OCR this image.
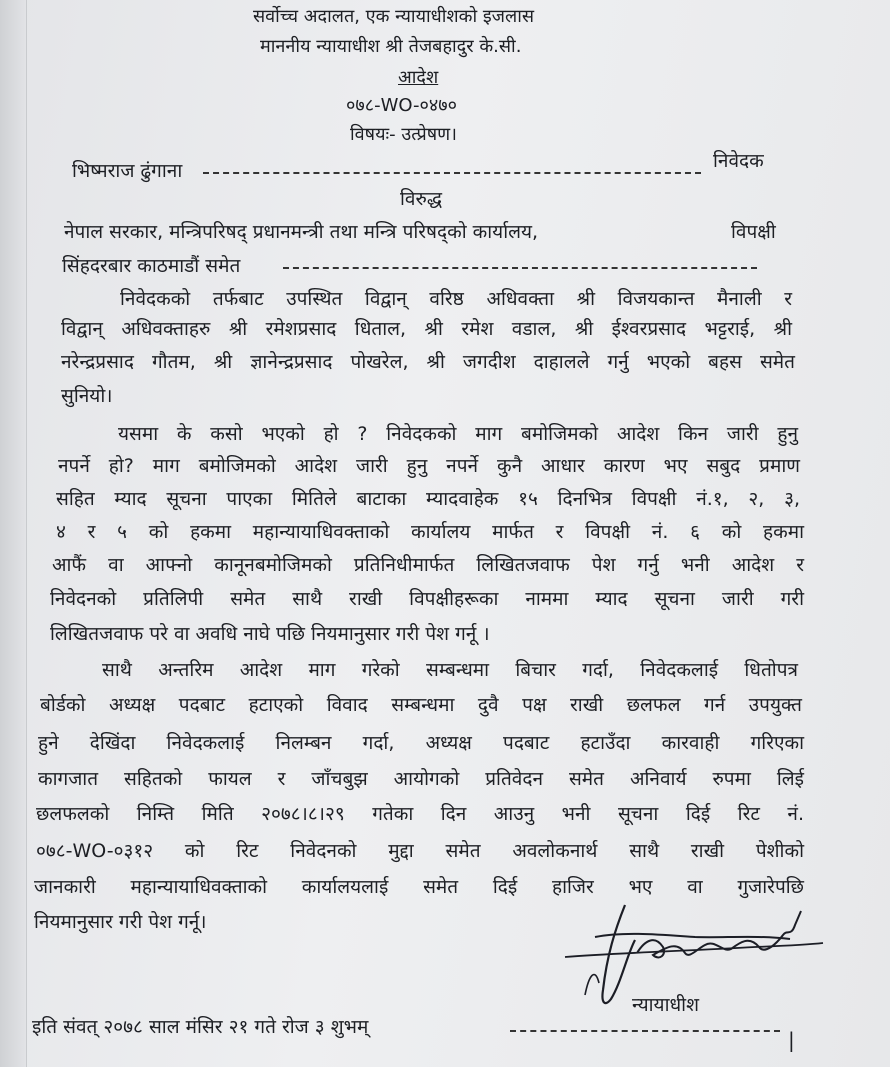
सर्वोच्च अदालत, एक न्यायाधीशको इजलास
माननीय न्यायाधीश श्री तेजबहादुर के.सी.
आदेश
०७८-WO-०४७०
विषयः- उत्प्रेषण।
भिष्मराज ढुंगाना	निवेदक
विरुद्ध
नेपाल सरकार, मन्त्रिपरिषद् प्रधानमन्त्री तथा मन्त्रि परिषद्को कार्यालय,	विपक्षी
सिंहदरबार काठमाडौं समेत
निवेदकको तर्फबाट उपस्थित विद्वान् वरिष्ठ अधिवक्ता श्री विजयकान्त मैनाली र
विद्वान् अधिवक्ताहरु श्री रमेशप्रसाद धिताल, श्री रमेश वडाल, श्री ईश्वरप्रसाद भट्टराई, श्री
नरेन्द्रप्रसाद गौतम, श्री ज्ञानेन्द्रप्रसाद पोखरेल, श्री जगदीश दाहालले गर्नु भएको बहस समेत
सुनियो।
यसमा के कसो भएको हो ? निवेदकको माग बमोजिमको आदेश किन जारी हुनु
नपर्ने हो? माग बमोजिमको आदेश जारी हुनु नपर्ने कुनै आधार कारण भए सबुद प्रमाण
सहित म्याद सूचना पाएका मितिले बाटाका म्यादवाहेक १५ दिनभित्र विपक्षी नं.१, २, ३,
४ र ५ को हकमा महान्यायाधिवक्ताको कार्यालय मार्फत र विपक्षी नं. ६ को हकमा
आफैं वा आफ्नो कानूनबमोजिमको प्रतिनिधीमार्फत लिखितजवाफ पेश गर्नु भनी आदेश र
निवेदनको प्रतिलिपी समेत साथै राखी विपक्षीहरूका नाममा म्याद सूचना जारी गरी
लिखितजवाफ परे वा अवधि नाघे पछि नियमानुसार गरी पेश गर्नू ।
साथै अन्तरिम आदेश माग गरेको सम्बन्धमा बिचार गर्दा, निवेदकलाई धितोपत्र
बोर्डको अध्यक्ष पदबाट हटाएको विवाद सम्बन्धमा दुवै पक्ष राखी छलफल गर्न उपयुक्त
हुने देखिंदा निवेदकलाई निलम्बन गर्दा, अध्यक्ष पदबाट हटाउँदा कारवाही गरिएका
कागजात सहितको फायल र जाँचबुझ आयोगको प्रतिवेदन समेत अनिवार्य रुपमा लिई
छलफलको निम्ति मिति २०७८।८।२९ गतेका दिन आउनु भनी सूचना दिई रिट नं.
०७८-WO-०३१२ को रिट निवेदनको मुद्दा समेत अवलोकनार्थ साथै राखी पेशीको
जानकारी महान्यायाधिवक्ताको कार्यालयलाई समेत दिई हाजिर भए वा गुजारेपछि
नियमानुसार गरी पेश गर्नू।
न्यायाधीश
इति संवत् २०७८ साल मंसिर २१ गते रोज ३ शुभम्
|
